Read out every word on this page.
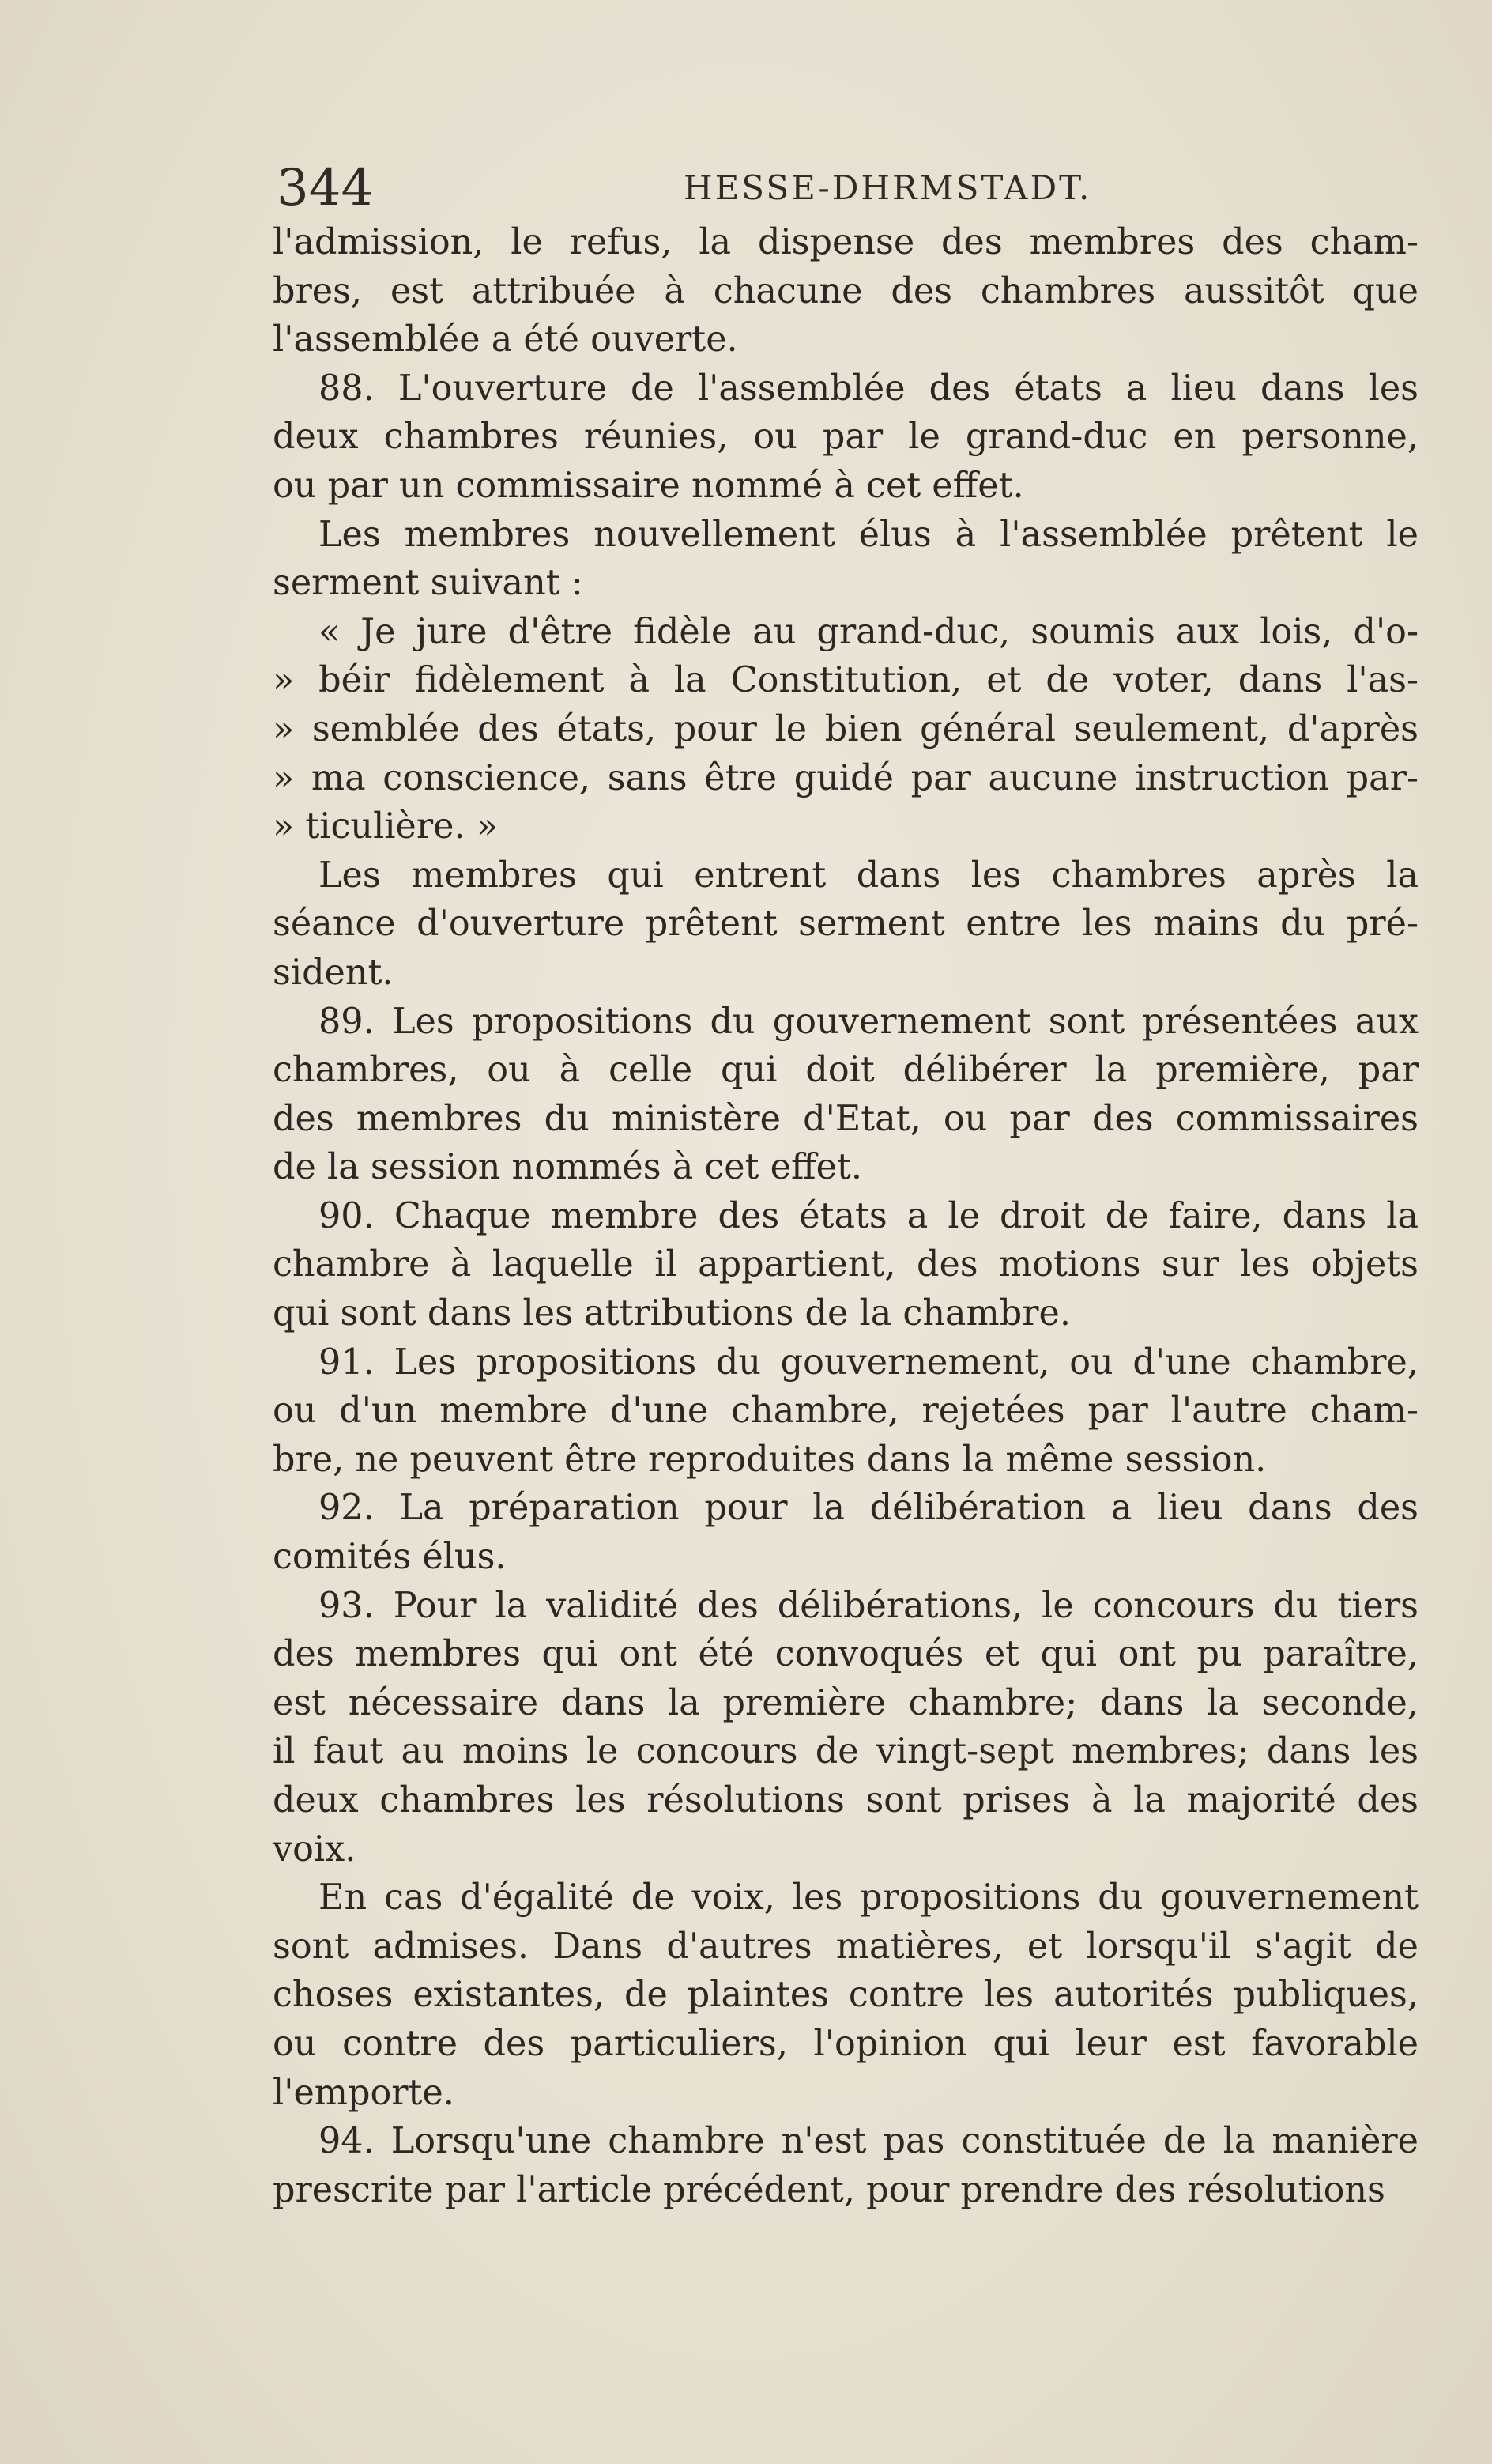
344	HESSE-DHRMSTADT.
l'admission, le refus, la dispense des membres des cham-
bres, est attribuée à chacune des chambres aussitôt que
l'assemblée a été ouverte.
88. L'ouverture de l'assemblée des états a lieu dans les
deux chambres réunies, ou par le grand-duc en personne,
ou par un commissaire nommé à cet effet.
Les membres nouvellement élus à l'assemblée prêtent le
serment suivant :
« Je jure d'être fidèle au grand-duc, soumis aux lois, d'o-
» béir fidèlement à la Constitution, et de voter, dans l'as-
» semblée des états, pour le bien général seulement, d'après
» ma conscience, sans être guidé par aucune instruction par-
» ticulière. »
Les membres qui entrent dans les chambres après la
séance d'ouverture prêtent serment entre les mains du pré-
sident.
89. Les propositions du gouvernement sont présentées aux
chambres, ou à celle qui doit délibérer la première, par
des membres du ministère d'Etat, ou par des commissaires
de la session nommés à cet effet.
90. Chaque membre des états a le droit de faire, dans la
chambre à laquelle il appartient, des motions sur les objets
qui sont dans les attributions de la chambre.
91. Les propositions du gouvernement, ou d'une chambre,
ou d'un membre d'une chambre, rejetées par l'autre cham-
bre, ne peuvent être reproduites dans la même session.
92. La préparation pour la délibération a lieu dans des
comités élus.
93. Pour la validité des délibérations, le concours du tiers
des membres qui ont été convoqués et qui ont pu paraître,
est nécessaire dans la première chambre; dans la seconde,
il faut au moins le concours de vingt-sept membres; dans les
deux chambres les résolutions sont prises à la majorité des
voix.
En cas d'égalité de voix, les propositions du gouvernement
sont admises. Dans d'autres matières, et lorsqu'il s'agit de
choses existantes, de plaintes contre les autorités publiques,
ou contre des particuliers, l'opinion qui leur est favorable
l'emporte.
94. Lorsqu'une chambre n'est pas constituée de la manière
prescrite par l'article précédent, pour prendre des résolutions
